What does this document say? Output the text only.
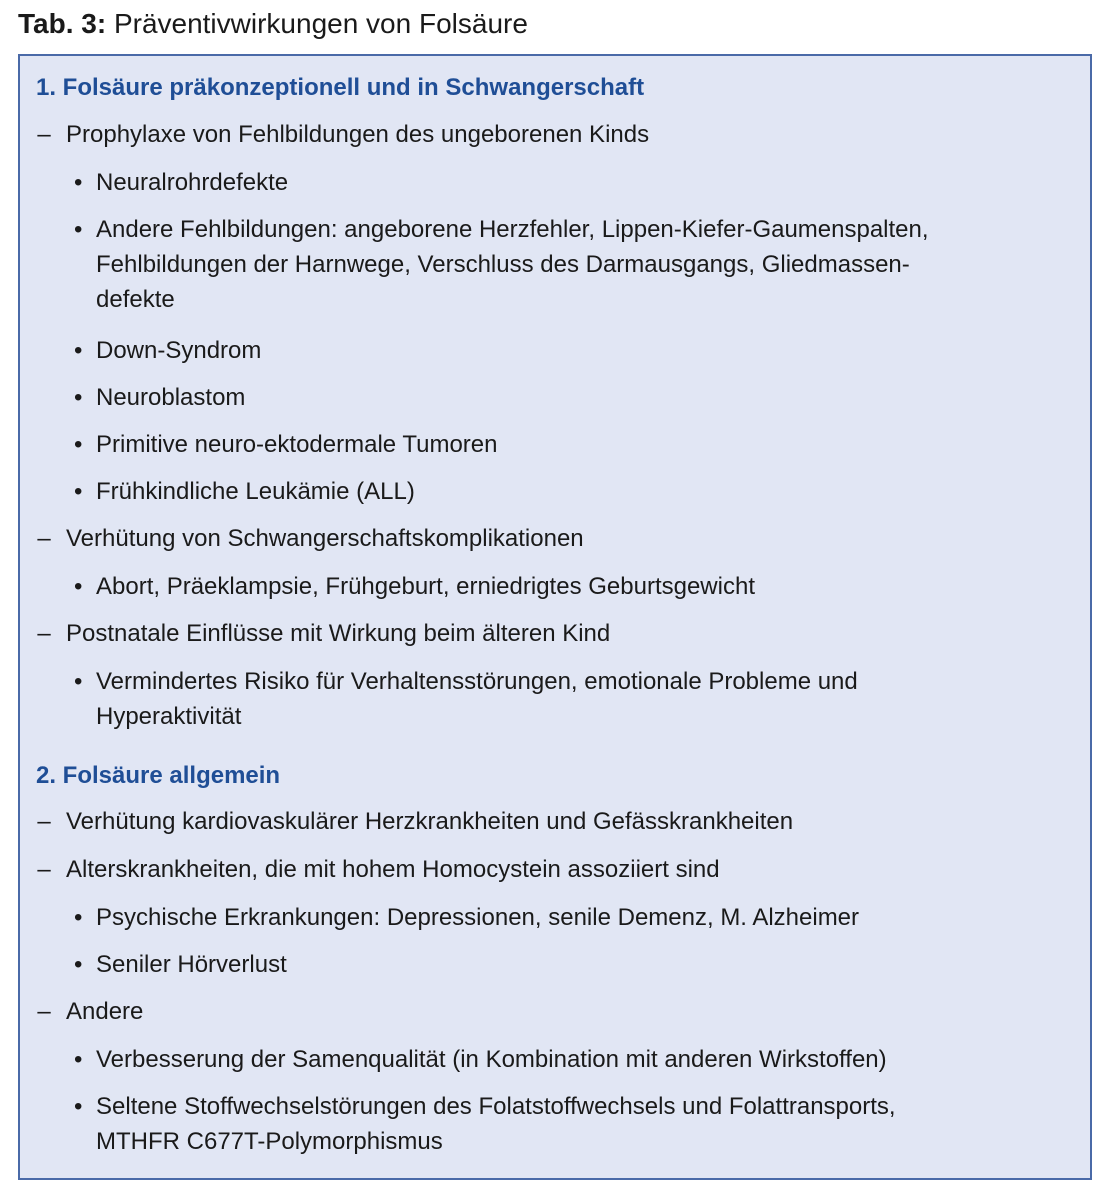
Tab. 3: Präventivwirkungen von Folsäure
1. Folsäure präkonzeptionell und in Schwangerschaft
– Prophylaxe von Fehlbildungen des ungeborenen Kinds
• Neuralrohrdefekte
• Andere Fehlbildungen: angeborene Herzfehler, Lippen-Kiefer-Gaumenspalten,
Fehlbildungen der Harnwege, Verschluss des Darmausgangs, Gliedmassen-
defekte
• Down-Syndrom
• Neuroblastom
• Primitive neuro-ektodermale Tumoren
• Frühkindliche Leukämie (ALL)
– Verhütung von Schwangerschaftskomplikationen
• Abort, Präeklampsie, Frühgeburt, erniedrigtes Geburtsgewicht
– Postnatale Einflüsse mit Wirkung beim älteren Kind
• Vermindertes Risiko für Verhaltensstörungen, emotionale Probleme und
Hyperaktivität
2. Folsäure allgemein
– Verhütung kardiovaskulärer Herzkrankheiten und Gefässkrankheiten
– Alterskrankheiten, die mit hohem Homocystein assoziiert sind
• Psychische Erkrankungen: Depressionen, senile Demenz, M. Alzheimer
• Seniler Hörverlust
– Andere
• Verbesserung der Samenqualität (in Kombination mit anderen Wirkstoffen)
• Seltene Stoffwechselstörungen des Folatstoffwechsels und Folattransports,
MTHFR C677T-Polymorphismus
